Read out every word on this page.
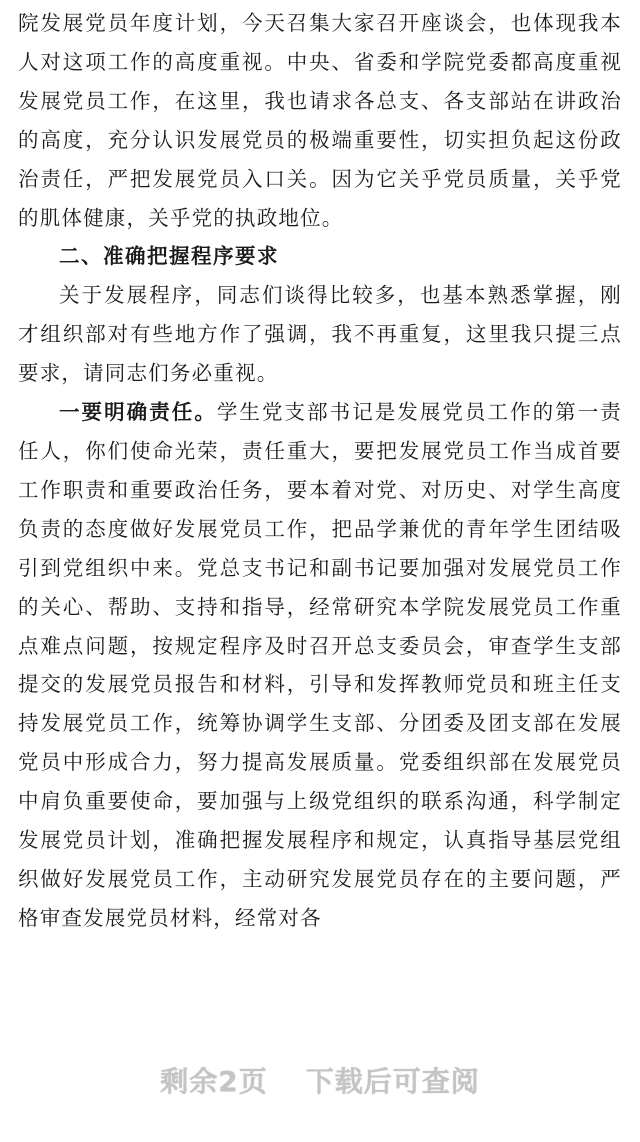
院发展党员年度计划，今天召集大家召开座谈会，也体现我本人对这项工作的高度重视。中央、省委和学院党委都高度重视发展党员工作，在这里，我也请求各总支、各支部站在讲政治的高度，充分认识发展党员的极端重要性，切实担负起这份政治责任，严把发展党员入口关。因为它关乎党员质量，关乎党的肌体健康，关乎党的执政地位。

二、准确把握程序要求

关于发展程序，同志们谈得比较多，也基本熟悉掌握，刚才组织部对有些地方作了强调，我不再重复，这里我只提三点要求，请同志们务必重视。

一要明确责任。学生党支部书记是发展党员工作的第一责任人，你们使命光荣，责任重大，要把发展党员工作当成首要工作职责和重要政治任务，要本着对党、对历史、对学生高度负责的态度做好发展党员工作，把品学兼优的青年学生团结吸引到党组织中来。党总支书记和副书记要加强对发展党员工作的关心、帮助、支持和指导，经常研究本学院发展党员工作重点难点问题，按规定程序及时召开总支委员会，审查学生支部提交的发展党员报告和材料，引导和发挥教师党员和班主任支持发展党员工作，统筹协调学生支部、分团委及团支部在发展党员中形成合力，努力提高发展质量。党委组织部在发展党员中肩负重要使命，要加强与上级党组织的联系沟通，科学制定发展党员计划，准确把握发展程序和规定，认真指导基层党组织做好发展党员工作，主动研究发展党员存在的主要问题，严格审查发展党员材料，经常对各

剩余2页 下载后可查阅
